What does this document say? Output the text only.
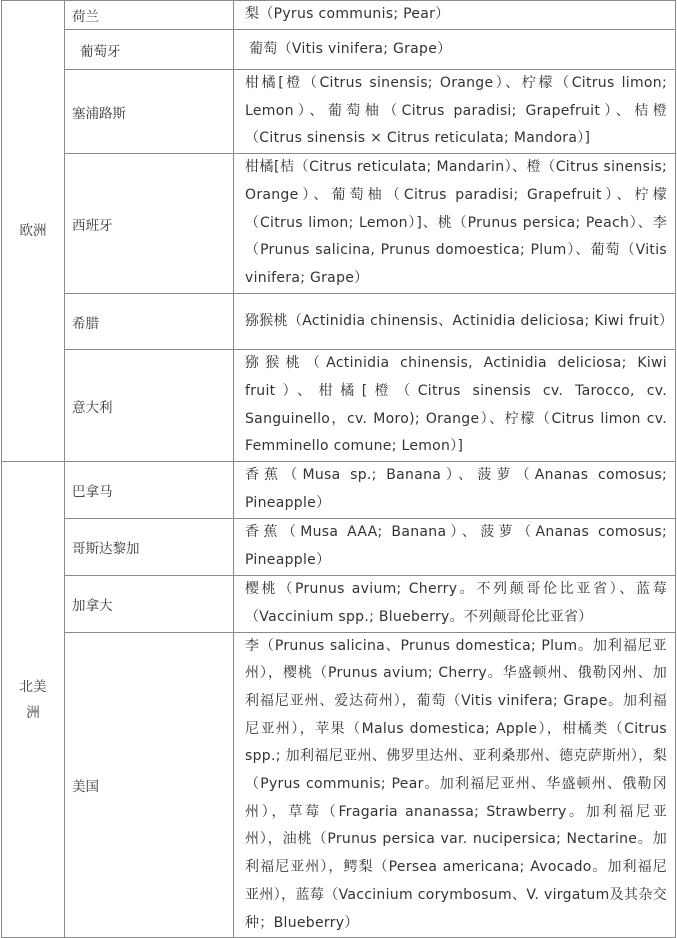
欧洲	荷兰	梨（Pyrus communis; Pear）
	葡萄牙	葡萄（Vitis vinifera; Grape）
	塞浦路斯	柑橘[橙（Citrus sinensis; Orange）、柠檬（Citrus limon; Lemon）、葡萄柚（Citrus paradisi; Grapefruit）、桔橙（Citrus sinensis × Citrus reticulata; Mandora）]
	西班牙	柑橘[桔（Citrus reticulata; Mandarin）、橙（Citrus sinensis; Orange）、葡萄柚（Citrus paradisi; Grapefruit）、柠檬（Citrus limon; Lemon）]、桃（Prunus persica; Peach）、李（Prunus salicina, Prunus domoestica; Plum）、葡萄（Vitis vinifera; Grape）
	希腊	猕猴桃（Actinidia chinensis、Actinidia deliciosa; Kiwi fruit）
	意大利	猕猴桃（Actinidia chinensis, Actinidia deliciosa; Kiwi fruit）、柑橘[橙（Citrus sinensis cv. Tarocco, cv. Sanguinello，cv. Moro); Orange）、柠檬（Citrus limon cv. Femminello comune; Lemon）]
北美洲	巴拿马	香蕉（Musa sp.; Banana）、菠萝（Ananas comosus; Pineapple）
	哥斯达黎加	香蕉（Musa AAA; Banana）、菠萝（Ananas comosus; Pineapple）
	加拿大	樱桃（Prunus avium; Cherry。不列颠哥伦比亚省）、蓝莓（Vaccinium spp.; Blueberry。不列颠哥伦比亚省）
	美国	李（Prunus salicina、Prunus domestica; Plum。加利福尼亚州），樱桃（Prunus avium; Cherry。华盛顿州、俄勒冈州、加利福尼亚州、爱达荷州），葡萄（Vitis vinifera; Grape。加利福尼亚州），苹果（Malus domestica; Apple），柑橘类（Citrus spp.; 加利福尼亚州、佛罗里达州、亚利桑那州、德克萨斯州），梨（Pyrus communis; Pear。加利福尼亚州、华盛顿州、俄勒冈州），草莓（Fragaria ananassa; Strawberry。加利福尼亚州），油桃（Prunus persica var. nucipersica; Nectarine。加利福尼亚州），鳄梨（Persea americana; Avocado。加利福尼亚州），蓝莓（Vaccinium corymbosum、V. virgatum及其杂交种；Blueberry）
